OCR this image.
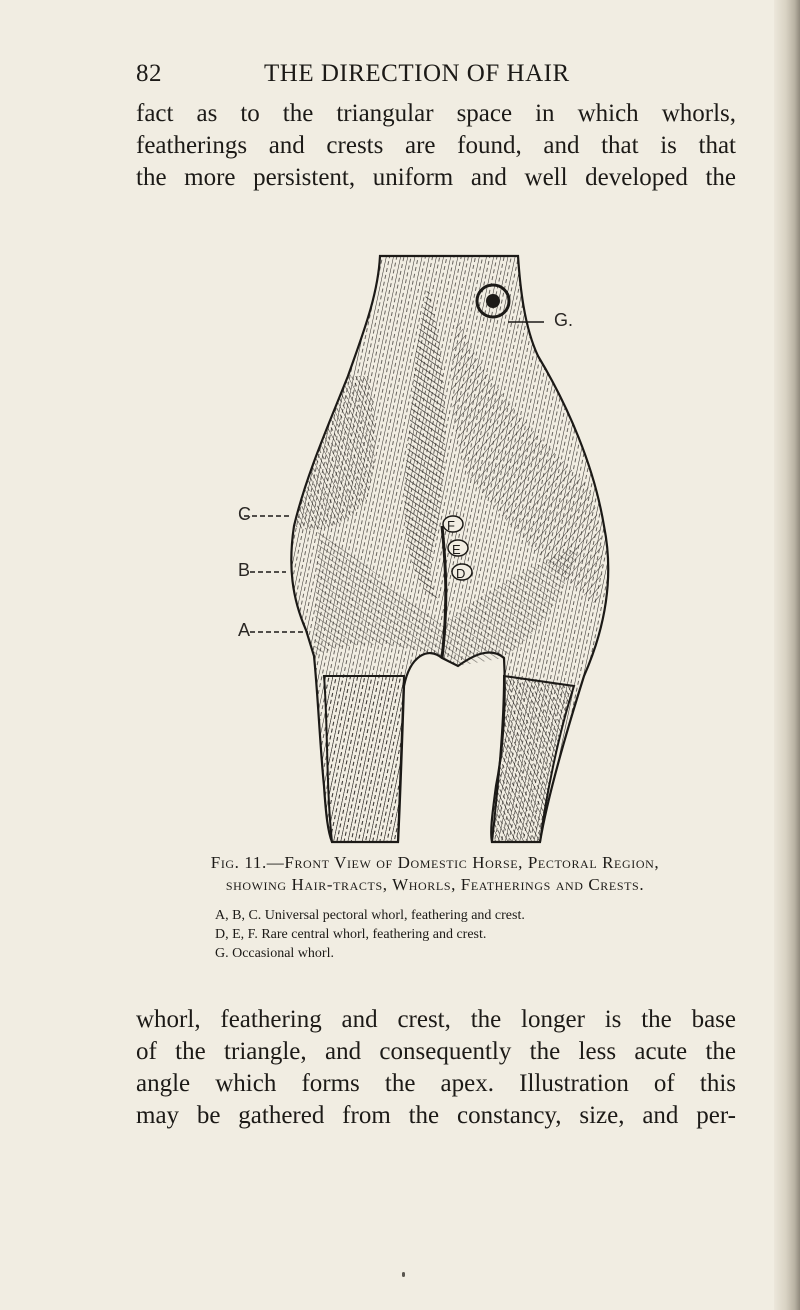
82	THE DIRECTION OF HAIR
fact as to the triangular space in which whorls,
featherings and crests are found, and that is that
the more persistent, uniform and well developed the
F
E
D
G.
C
B
A
Fig. 11.—Front View of Domestic Horse, Pectoral Region,
showing Hair-tracts, Whorls, Featherings and Crests.
A, B, C. Universal pectoral whorl, feathering and crest.
D, E, F. Rare central whorl, feathering and crest.
G. Occasional whorl.
whorl, feathering and crest, the longer is the base
of the triangle, and consequently the less acute the
angle which forms the apex. Illustration of this
may be gathered from the constancy, size, and per-
